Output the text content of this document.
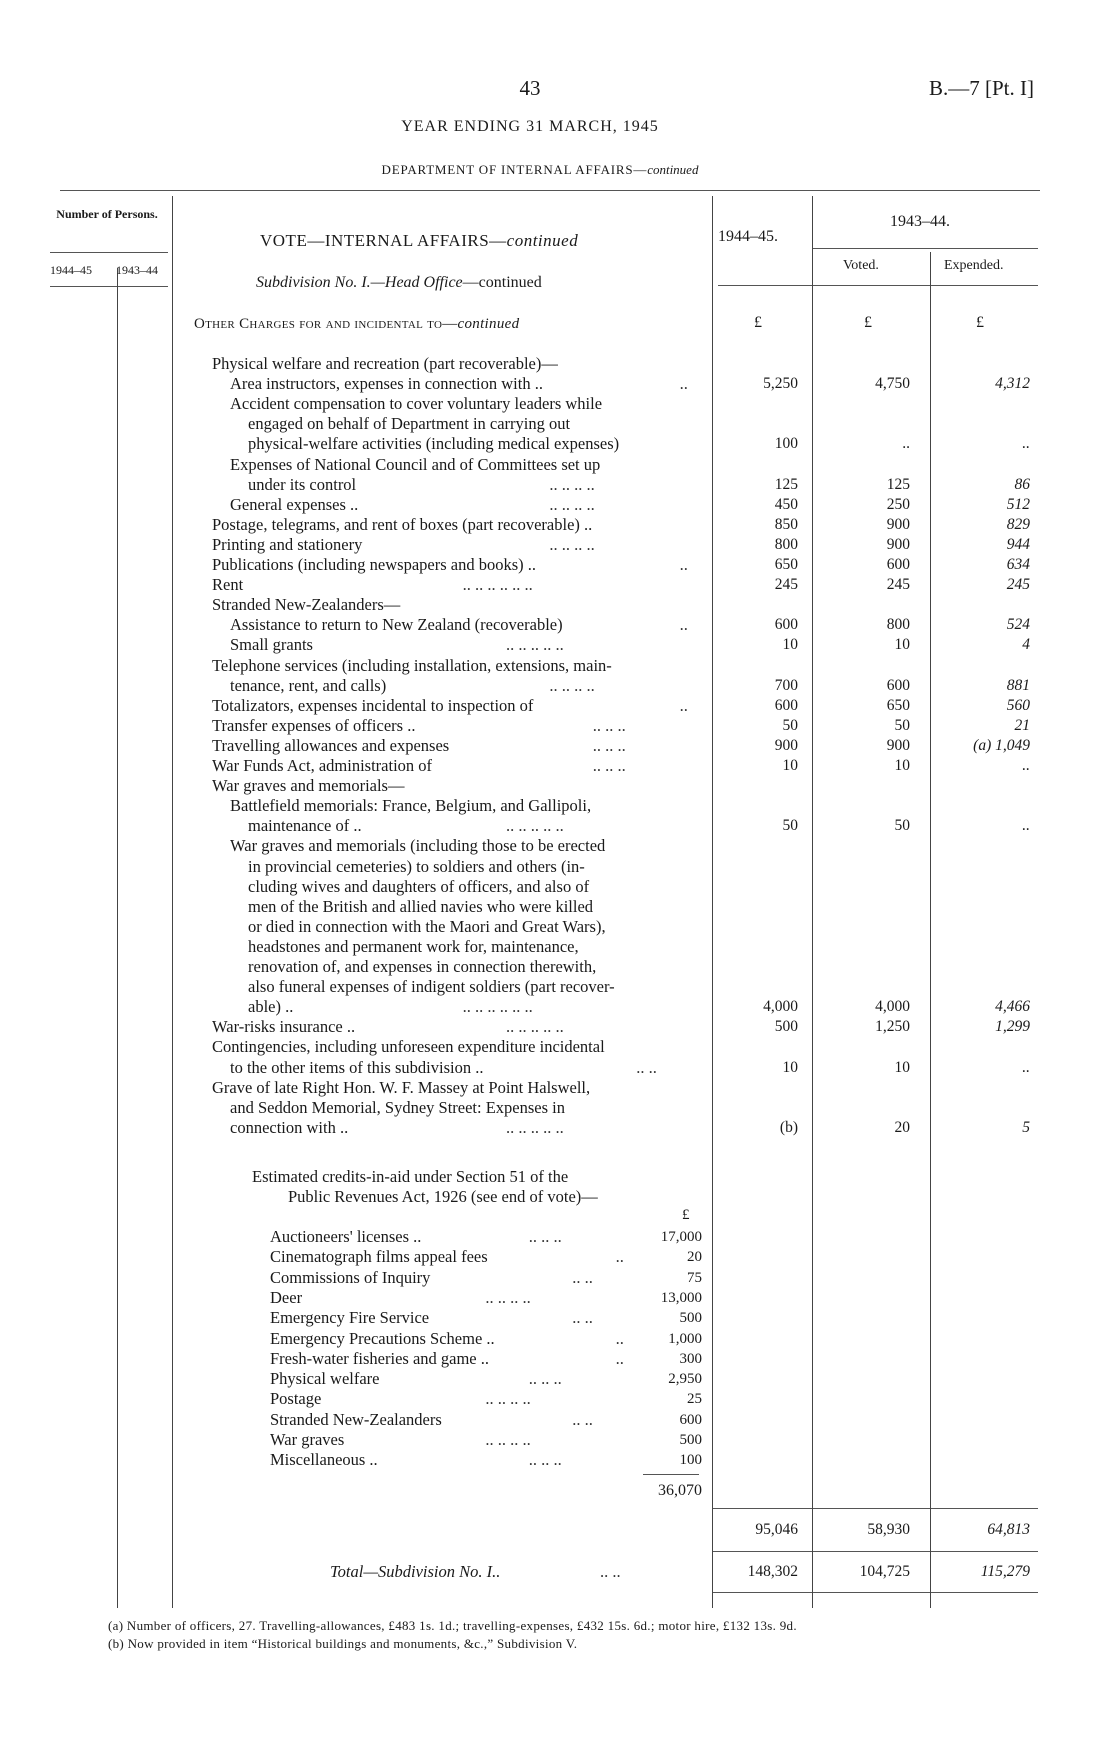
43	B.—7 [Pt. I]
YEAR ENDING 31 MARCH, 1945
DEPARTMENT OF INTERNAL AFFAIRS—continued
Number of Persons.
1944–45 1943–44
VOTE—INTERNAL AFFAIRS—continued
Subdivision No. I.—Head Office—continued
Other Charges for and incidental to—continued
1944–45.
1943–44.
Voted.	Expended.
£	£	£
Physical welfare and recreation (part recoverable)—
Area instructors, expenses in connection with ..	..	5,250	4,750	4,312
Accident compensation to cover voluntary leaders while
engaged on behalf of Department in carrying out
physical-welfare activities (including medical expenses)	100	..	..
Expenses of National Council and of Committees set up
under its control	.. .. .. ..	125	125	86
General expenses ..	.. .. .. ..	450	250	512
Postage, telegrams, and rent of boxes (part recoverable) ..	850	900	829
Printing and stationery	.. .. .. ..	800	900	944
Publications (including newspapers and books) ..	..	650	600	634
Rent	.. .. .. .. .. ..	245	245	245
Stranded New-Zealanders—
Assistance to return to New Zealand (recoverable)	..	600	800	524
Small grants	.. .. .. .. ..	10	10	4
Telephone services (including installation, extensions, main-
tenance, rent, and calls)	.. .. .. ..	700	600	881
Totalizators, expenses incidental to inspection of	..	600	650	560
Transfer expenses of officers ..	.. .. ..	50	50	21
Travelling allowances and expenses	.. .. ..	900	900	(a) 1,049
War Funds Act, administration of	.. .. ..	10	10	..
War graves and memorials—
Battlefield memorials: France, Belgium, and Gallipoli,
maintenance of ..	.. .. .. .. ..	50	50	..
War graves and memorials (including those to be erected
in provincial cemeteries) to soldiers and others (in-
cluding wives and daughters of officers, and also of
men of the British and allied navies who were killed
or died in connection with the Maori and Great Wars),
headstones and permanent work for, maintenance,
renovation of, and expenses in connection therewith,
also funeral expenses of indigent soldiers (part recover-
able) ..	.. .. .. .. .. ..	4,000	4,000	4,466
War-risks insurance ..	.. .. .. .. ..	500	1,250	1,299
Contingencies, including unforeseen expenditure incidental
to the other items of this subdivision ..	.. ..	10	10	..
Grave of late Right Hon. W. F. Massey at Point Halswell,
and Seddon Memorial, Sydney Street: Expenses in
connection with ..	.. .. .. .. ..	(b)	20	5
Estimated credits-in-aid under Section 51 of the
Public Revenues Act, 1926 (see end of vote)—
£
Auctioneers' licenses ..	.. .. ..	17,000
Cinematograph films appeal fees	..	20
Commissions of Inquiry	.. ..	75
Deer	.. .. .. ..	13,000
Emergency Fire Service	.. ..	500
Emergency Precautions Scheme ..	..	1,000
Fresh-water fisheries and game ..	..	300
Physical welfare	.. .. ..	2,950
Postage	.. .. .. ..	25
Stranded New-Zealanders	.. ..	600
War graves	.. .. .. ..	500
Miscellaneous ..	.. .. ..	100
36,070
95,046	58,930	64,813
Total—Subdivision No. I..	.. ..	148,302	104,725	115,279
(a) Number of officers, 27. Travelling-allowances, £483 1s. 1d.; travelling-expenses, £432 15s. 6d.; motor hire, £132 13s. 9d.
(b) Now provided in item “Historical buildings and monuments, &c.,” Subdivision V.
